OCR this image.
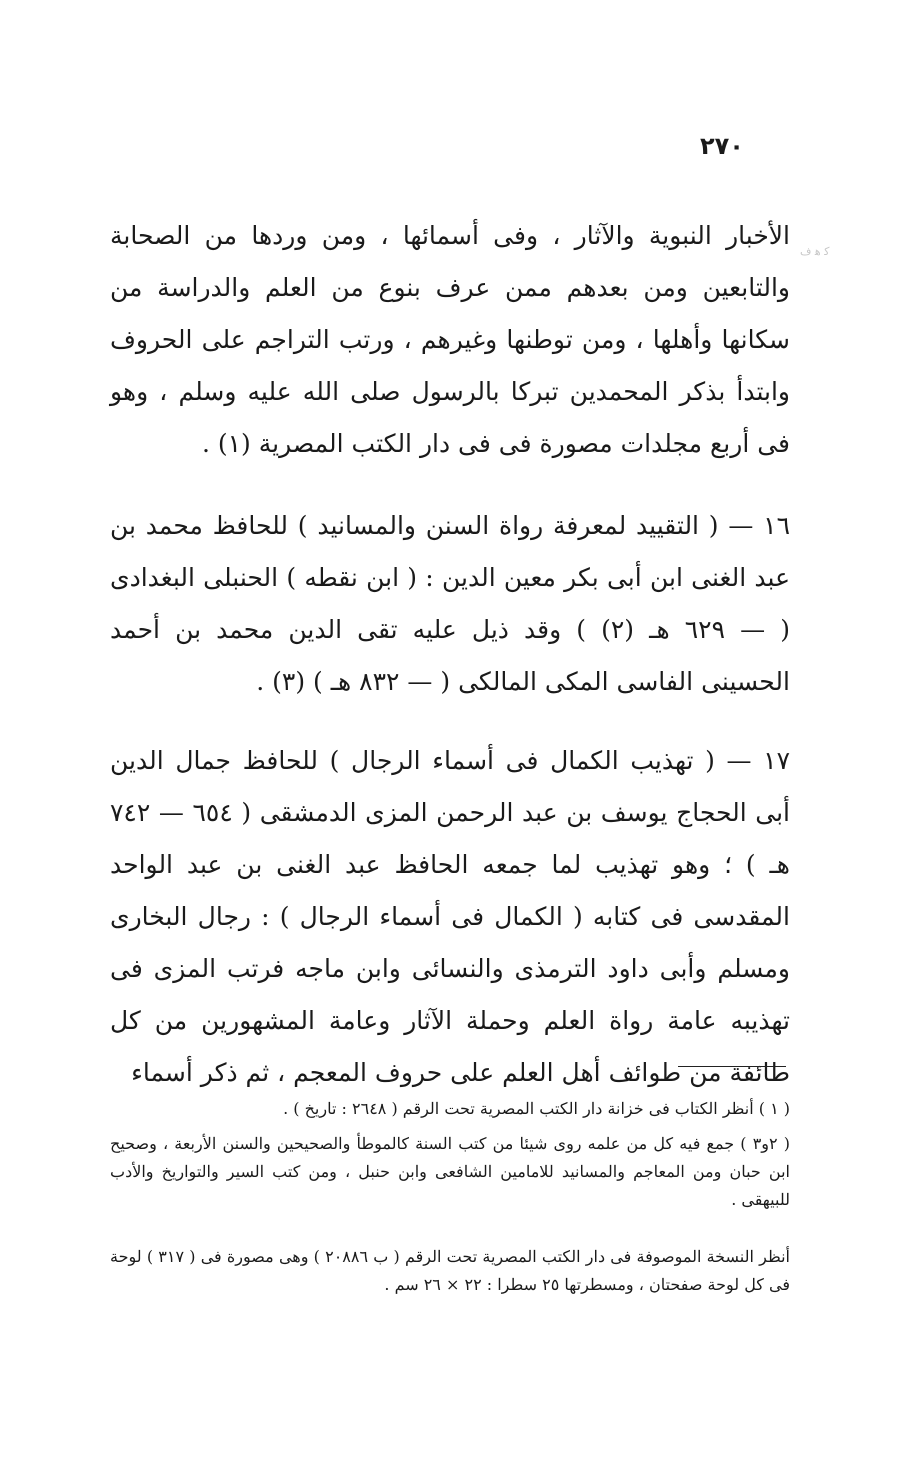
٢٧٠
ﻛ ﻫ ﻑ
الأخبار النبوية والآثار ، وفى أسمائها ، ومن وردها من الصحابة والتابعين ومن بعدهم ممن عرف بنوع من العلم والدراسة من سكانها وأهلها ، ومن توطنها وغيرهم ، ورتب التراجم على الحروف وابتدأ بذكر المحمدين تبركا بالرسول صلى الله عليه وسلم ، وهو فى أربع مجلدات مصورة فى فى دار الكتب المصرية (١) .
١٦ — ( التقييد لمعرفة رواة السنن والمسانيد ) للحافظ محمد بن عبد الغنى ابن أبى بكر معين الدين : ( ابن نقطه ) الحنبلى البغدادى ( — ٦٢٩ هـ (٢) ) وقد ذيل عليه تقى الدين محمد بن أحمد الحسينى الفاسى المكى المالكى ( — ٨٣٢ هـ ) (٣) .
١٧ — ( تهذيب الكمال فى أسماء الرجال ) للحافظ جمال الدين أبى الحجاج يوسف بن عبد الرحمن المزى الدمشقى ( ٦٥٤ — ٧٤٢ هـ ) ؛ وهو تهذيب لما جمعه الحافظ عبد الغنى بن عبد الواحد المقدسى فى كتابه ( الكمال فى أسماء الرجال ) : رجال البخارى ومسلم وأبى داود الترمذى والنسائى وابن ماجه فرتب المزى فى تهذيبه عامة رواة العلم وحملة الآثار وعامة المشهورين من كل طائفة من طوائف أهل العلم على حروف المعجم ، ثم ذكر أسماء
( ١ ) أنظر الكتاب فى خزانة دار الكتب المصرية تحت الرقم ( ٢٦٤٨ : تاريخ ) .
( ٢و٣ ) جمع فيه كل من علمه روى شيئا من كتب السنة كالموطأ والصحيحين والسنن الأربعة ، وصحيح ابن حبان ومن المعاجم والمسانيد للامامين الشافعى وابن حنبل ، ومن كتب السير والتواريخ والأدب للبيهقى .
أنظر النسخة الموصوفة فى دار الكتب المصرية تحت الرقم ( ب ٢٠٨٨٦ ) وهى مصورة فى ( ٣١٧ ) لوحة فى كل لوحة صفحتان ، ومسطرتها ٢٥ سطرا : ٢٢ × ٢٦ سم .
